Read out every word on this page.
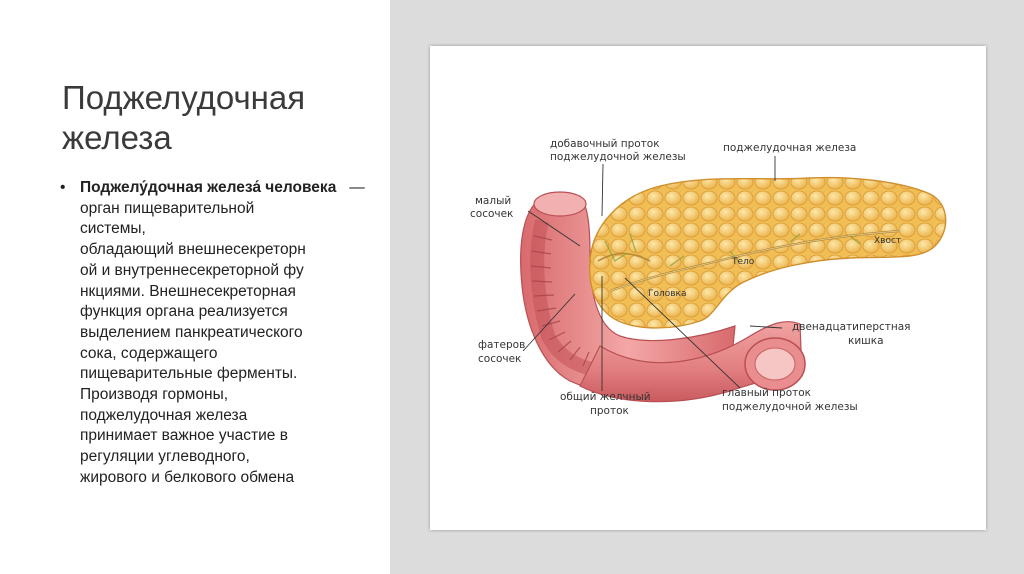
Поджелудочная
железа
• Поджелу́дочная железа́ человека —
орган пищеварительной
системы,
обладающий внешнесекреторн
ой и внутреннесекреторной фу
нкциями. Внешнесекреторная
функция органа реализуется
выделением панкреатического
сока, содержащего
пищеварительные ферменты.
Производя гормоны,
поджелудочная железа
принимает важное участие в
регуляции углеводного,
жирового и белкового обмена
добавочный проток
поджелудочной железы
поджелудочная железа
малый
сосочек
Хвост
Тело
Головка
двенадцатиперстная
кишка
фатеров
сосочек
общий желчный
проток
главный проток
поджелудочной железы
